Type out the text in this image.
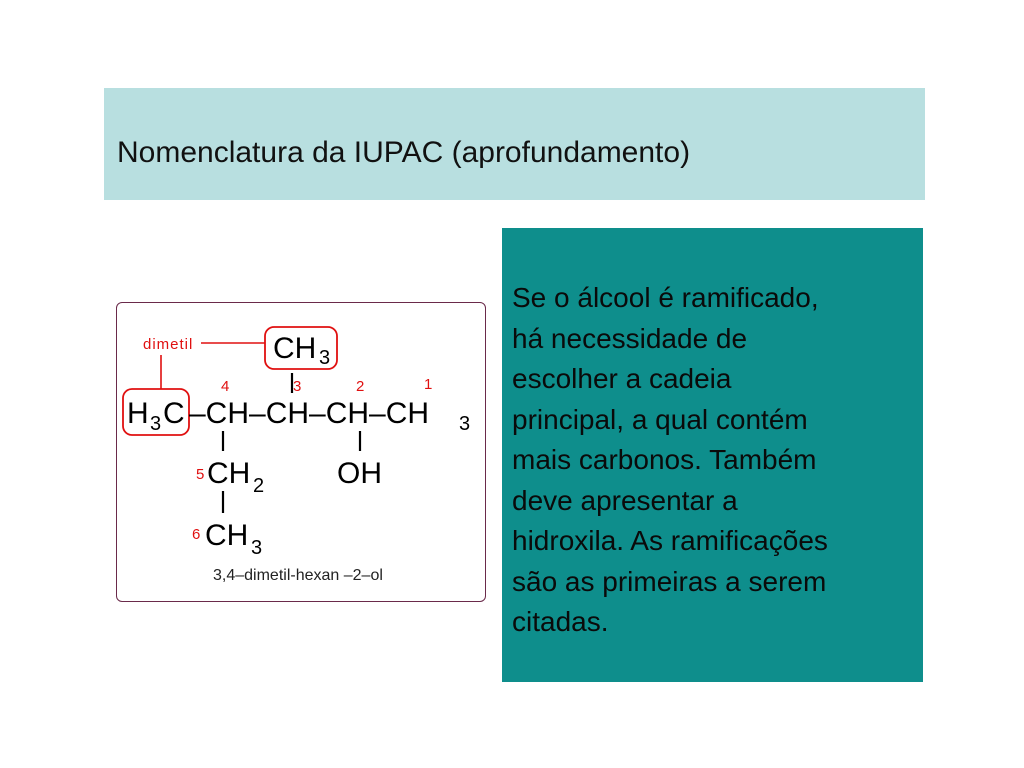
Nomenclatura da IUPAC (aprofundamento)
dimetil	CH 3
4	3	2	1
H 3 C –CH–CH–CH–CH 3
5 CH 2 OH
6 CH 3
3,4–dimetil-hexan –2–ol
Se o álcool é ramificado,
há necessidade de
escolher a cadeia
principal, a qual contém
mais carbonos. Também
deve apresentar a
hidroxila. As ramificações
são as primeiras a serem
citadas.
